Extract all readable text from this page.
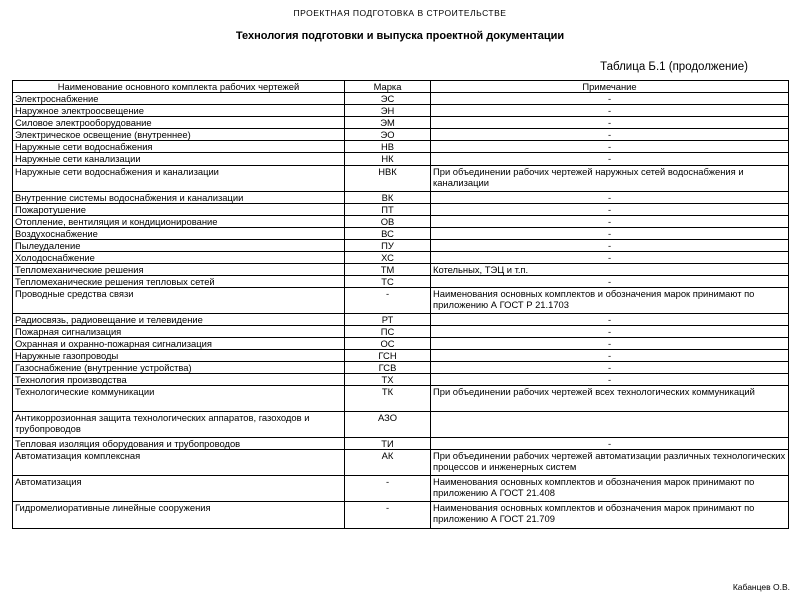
ПРОЕКТНАЯ ПОДГОТОВКА В СТРОИТЕЛЬСТВЕ
Технология подготовки и выпуска проектной документации
Таблица Б.1 (продолжение)
Наименование основного комплекта рабочих чертежей	Марка	Примечание
Электроснабжение	ЭС	-
Наружное электроосвещение	ЭН	-
Силовое электрооборудование	ЭМ	-
Электрическое освещение (внутреннее)	ЭО	-
Наружные сети водоснабжения	НВ	-
Наружные сети канализации	НК	-
Наружные сети водоснабжения и канализации	НВК	При объединении рабочих чертежей наружных сетей водоснабжения и канализации
Внутренние системы водоснабжения и канализации	ВК	-
Пожаротушение	ПТ	-
Отопление, вентиляция и кондиционирование	ОВ	-
Воздухоснабжение	ВС	-
Пылеудаление	ПУ	-
Холодоснабжение	ХС	-
Тепломеханические решения	ТМ	Котельных, ТЭЦ и т.п.
Тепломеханические решения тепловых сетей	ТС	-
Проводные средства связи	-	Наименования основных комплектов и обозначения марок принимают по приложению А ГОСТ Р 21.1703
Радиосвязь, радиовещание и телевидение	РТ	-
Пожарная сигнализация	ПС	-
Охранная и охранно-пожарная сигнализация	ОС	-
Наружные газопроводы	ГСН	-
Газоснабжение (внутренние устройства)	ГСВ	-
Технология производства	ТХ	-
Технологические коммуникации	ТК	При объединении рабочих чертежей всех технологических коммуникаций
Антикоррозионная защита технологических аппаратов, газоходов и трубопроводов	АЗО	
Тепловая изоляция оборудования и трубопроводов	ТИ	-
Автоматизация комплексная	АК	При объединении рабочих чертежей автоматизации различных технологических процессов и инженерных систем
Автоматизация	-	Наименования основных комплектов и обозначения марок принимают по приложению А ГОСТ 21.408
Гидромелиоративные линейные сооружения	-	Наименования основных комплектов и обозначения марок принимают по приложению А ГОСТ 21.709
Кабанцев О.В.
